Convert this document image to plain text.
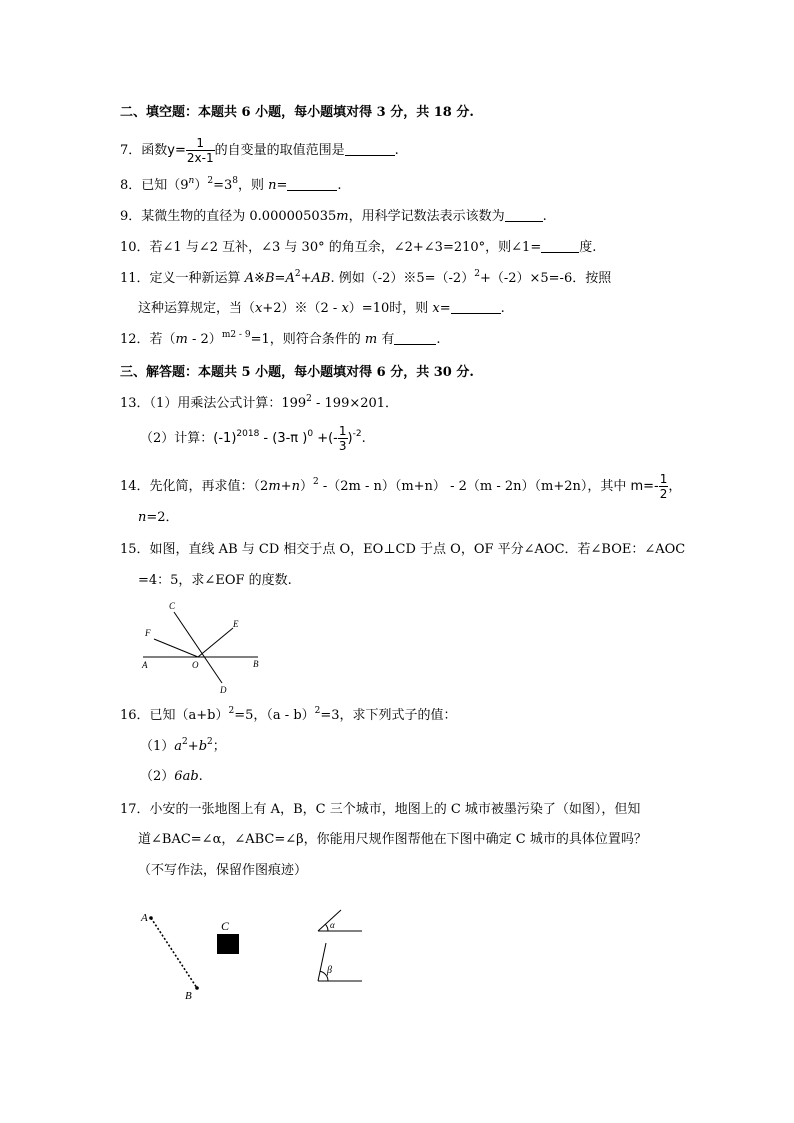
二、填空题：本题共 6 小题，每小题填对得 3 分，共 18 分.
7．函数$y= \frac{1}{2x-1}$ 的自变量的取值范围是	.
8．已知$(9^n)^2=3^8$，则 n=	.
9．某微生物的直径为 0.000005035m，用科学记数法表示该数为	.
10．若∠1 与∠2 互补，∠3 与 30° 的角互余，∠2+∠3=210°，则∠1=	度.
11．定义一种新运算 $A※B=A^2+AB$. 例如$(-2)※5=(-2)^2+(-2)\times 5=-6$．按照
这种运算规定，当（x+2）※（2 - x）=10时，则 x=	.
12．若（m - 2）$^{m2 - 9}$=1，则符合条件的 m 有	.
三、解答题：本题共 5 小题，每小题填对得 6 分，共 30 分.
13．（1）用乘法公式计算：$199^2 - 199\times 201$．
（2）计算：$(-1)^{2018} - (3-\pi$ )$^0$ +(- $\frac{1}{3} )^{-2}$.
14．先化简，再求值：$(2m+n)^2$ -（2m - n）（m+n） - 2（m - 2n）（m+2n），其中 $m=- \frac{1}{2}$ ，
n=2．
15．如图，直线 AB 与 CD 相交于点 O，EO⊥CD 于点 O，OF 平分∠AOC．若∠BOE：∠AOC
=4：5，求∠EOF 的度数.
C
F
E
A	O	B
D
16．已知$(a+b)^2=5$，（a - b）$^2$=3，求下列式子的值：
$(1)a^2+b^2$；
（2）6ab.
17．小安的一张地图上有 A，B，C 三个城市，地图上的 C 城市被墨污染了（如图），但知
道∠BAC=∠α，∠ABC=∠β，你能用尺规作图帮他在下图中确定 C 城市的具体位置吗？
（不写作法，保留作图痕迹）
A
B
C	α
β
